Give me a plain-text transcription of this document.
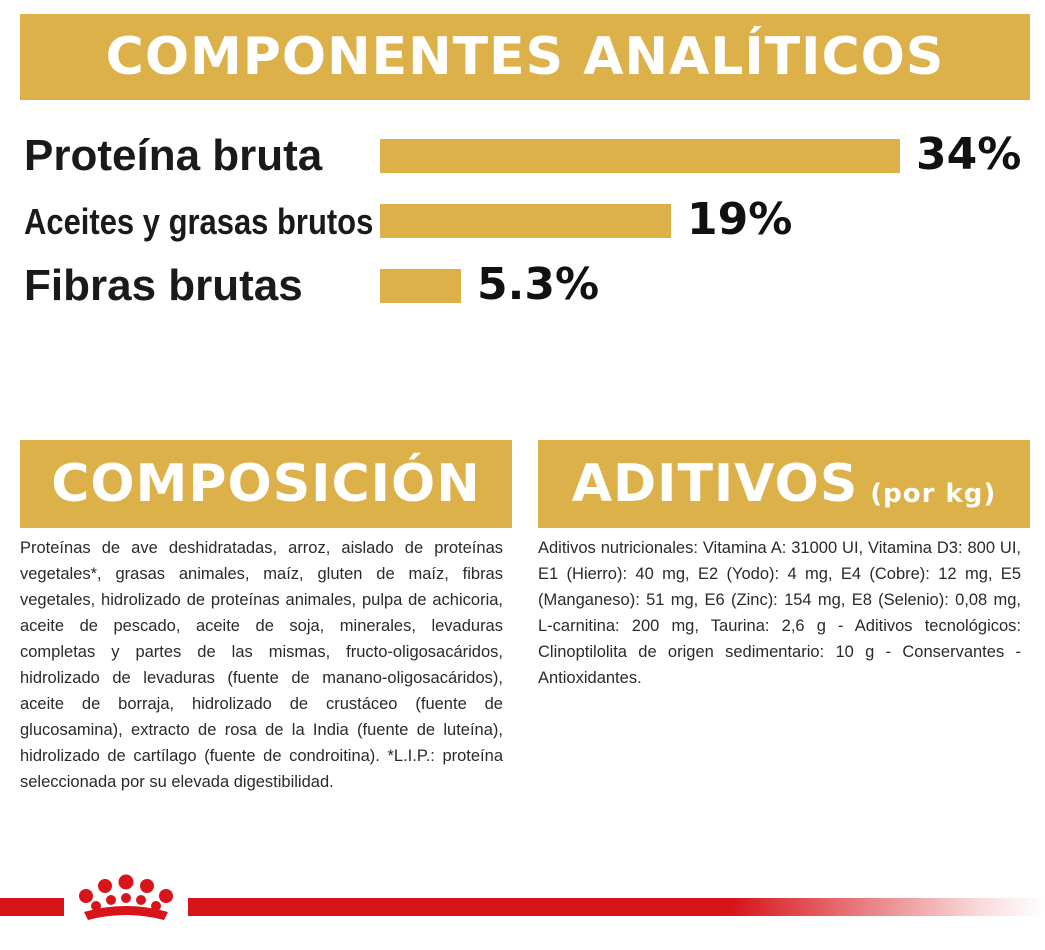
COMPONENTES ANALÍTICOS
Proteína bruta	34%
Aceites y grasas brutos	19%
Fibras brutas	5.3%
COMPOSICIÓN ADITIVOS (por kg)
Proteínas de ave deshidratadas, arroz, aislado de proteínas vegetales*, grasas animales, maíz, gluten de maíz, fibras vegetales, hidrolizado de proteínas animales, pulpa de achicoria, aceite de pescado, aceite de soja, minerales, levaduras completas y partes de las mismas, fructo-oligosacáridos, hidrolizado de levaduras (fuente de manano-oligosacáridos), aceite de borraja, hidrolizado de crustáceo (fuente de glucosamina), extracto de rosa de la India (fuente de luteína), hidrolizado de cartílago (fuente de condroitina). *L.I.P.: proteína seleccionada por su elevada digestibilidad.
Aditivos nutricionales: Vitamina A: 31000 UI, Vitamina D3: 800 UI, E1 (Hierro): 40 mg, E2 (Yodo): 4 mg, E4 (Cobre): 12 mg, E5 (Manganeso): 51 mg, E6 (Zinc): 154 mg, E8 (Selenio): 0,08 mg, L-carnitina: 200 mg, Taurina: 2,6 g - Aditivos tecnológicos: Clinoptilolita de origen sedimentario: 10 g - Conservantes - Antioxidantes.
